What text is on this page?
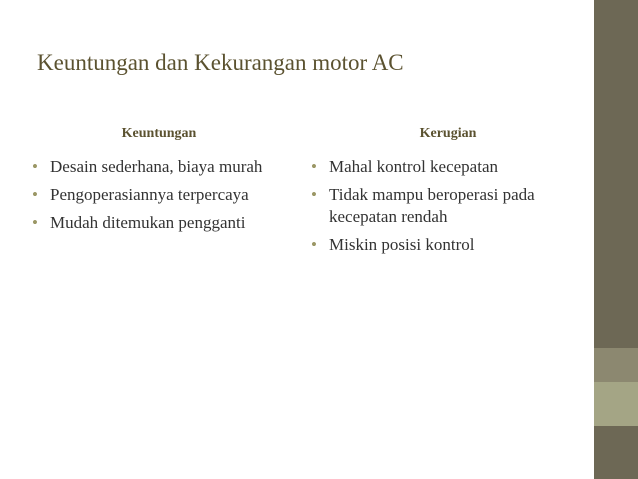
Keuntungan dan Kekurangan motor AC
Keuntungan
• Desain sederhana, biaya murah
• Pengoperasiannya terpercaya
• Mudah ditemukan pengganti
Kerugian
• Mahal kontrol kecepatan
• Tidak mampu beroperasi pada kecepatan rendah
• Miskin posisi kontrol
